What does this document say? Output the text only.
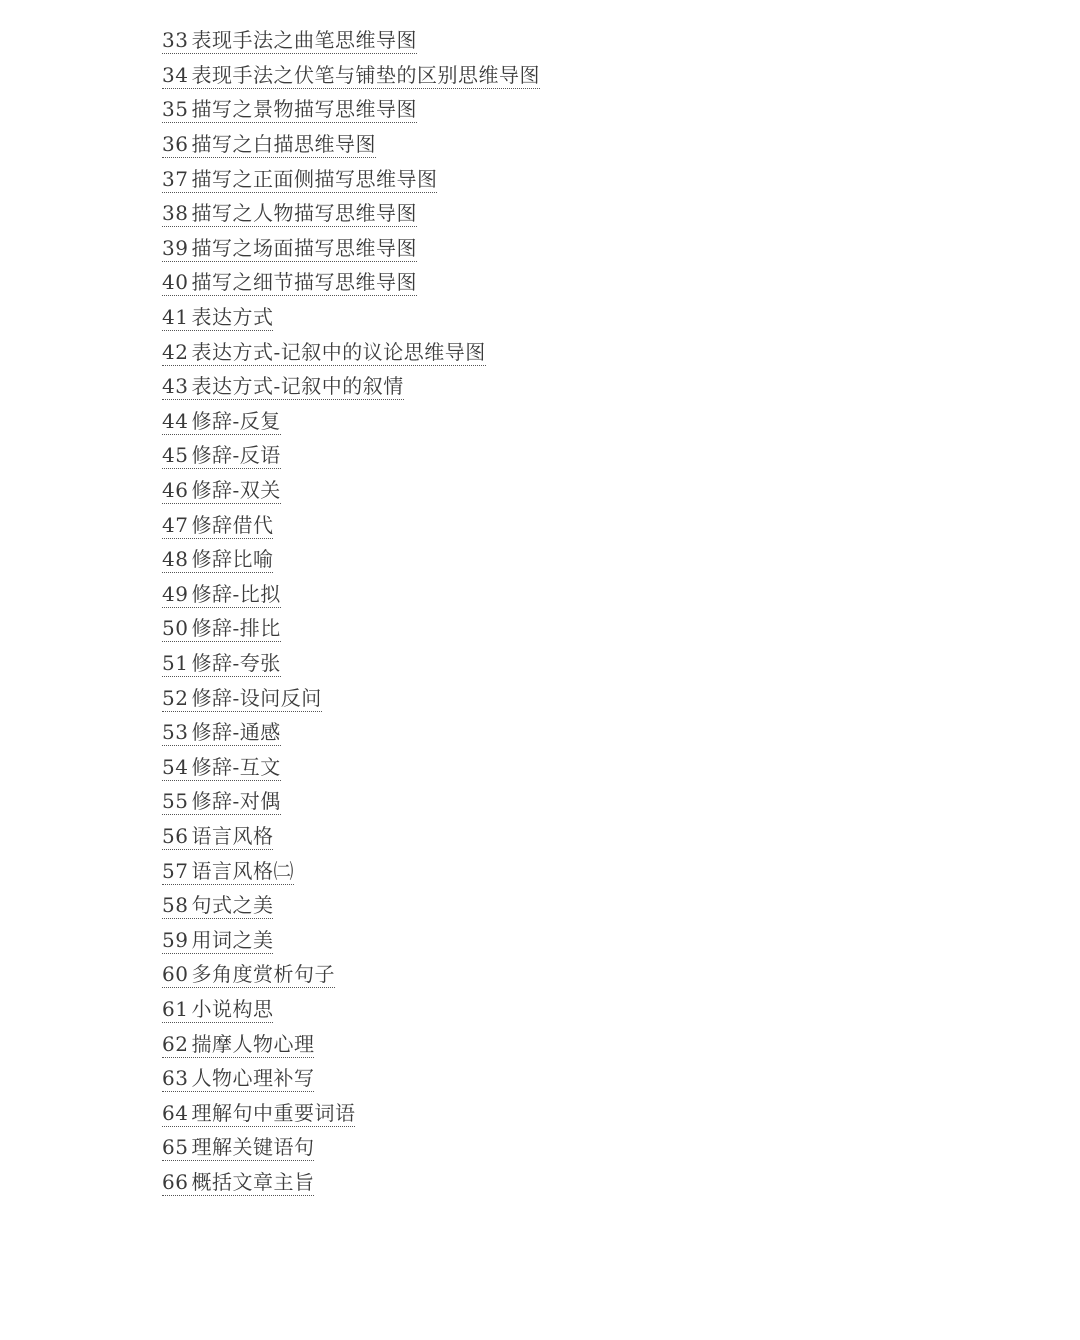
33 表现手法之曲笔思维导图
34 表现手法之伏笔与铺垫的区别思维导图
35 描写之景物描写思维导图
36 描写之白描思维导图
37 描写之正面侧描写思维导图
38 描写之人物描写思维导图
39 描写之场面描写思维导图
40 描写之细节描写思维导图
41 表达方式
42 表达方式-记叙中的议论思维导图
43 表达方式-记叙中的叙情
44 修辞-反复
45 修辞-反语
46 修辞-双关
47 修辞借代
48 修辞比喻
49 修辞-比拟
50 修辞-排比
51 修辞-夸张
52 修辞-设问反问
53 修辞-通感
54 修辞-互文
55 修辞-对偶
56 语言风格
57 语言风格㈡
58 句式之美
59 用词之美
60 多角度赏析句子
61 小说构思
62 揣摩人物心理
63 人物心理补写
64 理解句中重要词语
65 理解关键语句
66 概括文章主旨
